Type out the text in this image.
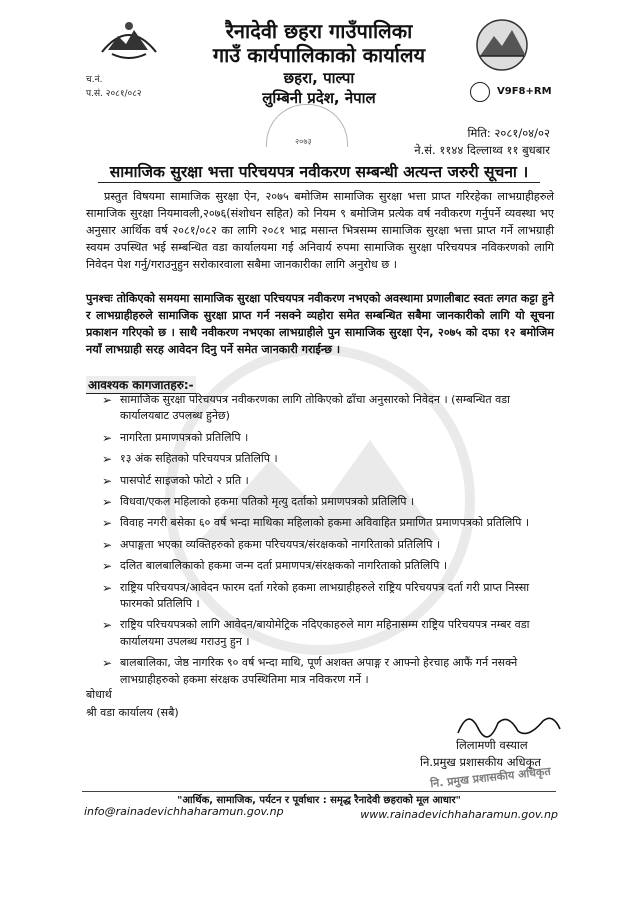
रैनादेवी छहरा गाउँपालिका
गाउँ कार्यपालिकाको कार्यालय
छहरा, पाल्पा
लुम्बिनी प्रदेश, नेपाल
च.नं.
प.सं. २०८१/०८२	V9F8+RM
२०७३
मिति: २०८१/०४/०२
ने.सं. ११४४ दिल्लाथ्व ११ बुधबार
सामाजिक सुरक्षा भत्ता परिचयपत्र नवीकरण सम्बन्धी अत्यन्त जरुरी सूचना ।
प्रस्तुत विषयमा सामाजिक सुरक्षा ऐन, २०७५ बमोजिम सामाजिक सुरक्षा भत्ता प्राप्त गरिरहेका लाभग्राहीहरुले सामाजिक सुरक्षा नियमावली,२०७६(संशोधन सहित) को नियम ९ बमोजिम प्रत्येक वर्ष नवीकरण गर्नुपर्ने व्यवस्था भए अनुसार आर्थिक वर्ष २०८१/०८२ का लागि २०८१ भाद्र मसान्त भित्रसम्म सामाजिक सुरक्षा भत्ता प्राप्त गर्ने लाभग्राही स्वयम उपस्थित भई सम्बन्धित वडा कार्यालयमा गई अनिवार्य रुपमा सामाजिक सुरक्षा परिचयपत्र नविकरणको लागि निवेदन पेश गर्नु/गराउनुहुन सरोकारवाला सबैमा जानकारीका लागि अनुरोध छ ।
पुनश्चः तोकिएको समयमा सामाजिक सुरक्षा परिचयपत्र नवीकरण नभएको अवस्थामा प्रणालीबाट स्वतः लगत कट्टा हुने र लाभग्राहीहरुले सामाजिक सुरक्षा प्राप्त गर्न नसक्ने व्यहोरा समेत सम्बन्धित सबैमा जानकारीको लागि यो सूचना प्रकाशन गरिएको छ । साथै नवीकरण नभएका लाभग्राहीले पुन सामाजिक सुरक्षा ऐन, २०७५ को दफा १२ बमोजिम नयाँ लाभग्राही सरह आवेदन दिनु पर्ने समेत जानकारी गराईन्छ ।
आवश्यक कागजातहरु:-
➢ सामाजिक सुरक्षा परिचयपत्र नवीकरणका लागि तोकिएको ढाँचा अनुसारको निवेदन । (सम्बन्धित वडा कार्यालयबाट उपलब्ध हुनेछ)
➢ नागरिता प्रमाणपत्रको प्रतिलिपि ।
➢ १३ अंक सहितको परिचयपत्र प्रतिलिपि ।
➢ पासपोर्ट साइजको फोटो २ प्रति ।
➢ विधवा/एकल महिलाको हकमा पतिको मृत्यु दर्ताको प्रमाणपत्रको प्रतिलिपि ।
➢ विवाह नगरी बसेका ६० वर्ष भन्दा माथिका महिलाको हकमा अविवाहित प्रमाणित प्रमाणपत्रको प्रतिलिपि ।
➢ अपाङ्गता भएका व्यक्तिहरुको हकमा परिचयपत्र/संरक्षकको नागरिताको प्रतिलिपि ।
➢ दलित बालबालिकाको हकमा जन्म दर्ता प्रमाणपत्र/संरक्षकको नागरिताको प्रतिलिपि ।
➢ राष्ट्रिय परिचयपत्र/आवेदन फारम दर्ता गरेको हकमा लाभग्राहीहरुले राष्ट्रिय परिचयपत्र दर्ता गरी प्राप्त निस्सा फारमको प्रतिलिपि ।
➢ राष्ट्रिय परिचयपत्रको लागि आवेदन/बायोमेट्रिक नदिएकाहरुले माग महिनासम्म राष्ट्रिय परिचयपत्र नम्बर वडा कार्यालयमा उपलब्ध गराउनु हुन ।
➢ बालबालिका, जेष्ठ नागरिक ९० वर्ष भन्दा माथि, पूर्ण अशक्त अपाङ्ग र आफ्नो हेरचाह आफैं गर्न नसक्ने लाभग्राहीहरुको हकमा संरक्षक उपस्थितिमा मात्र नविकरण गर्ने ।
बोधार्थ
श्री वडा कार्यालय (सबै)
लिलामणी वस्याल
नि.प्रमुख प्रशासकीय अधिकृत
नि. प्रमुख प्रशासकीय अधिकृत
"आर्थिक, सामाजिक, पर्यटन र पूर्वाधार : समृद्ध रैनादेवी छहराको मूल आधार"
info@rainadevichhaharamun.gov.np	www.rainadevichhaharamun.gov.np
